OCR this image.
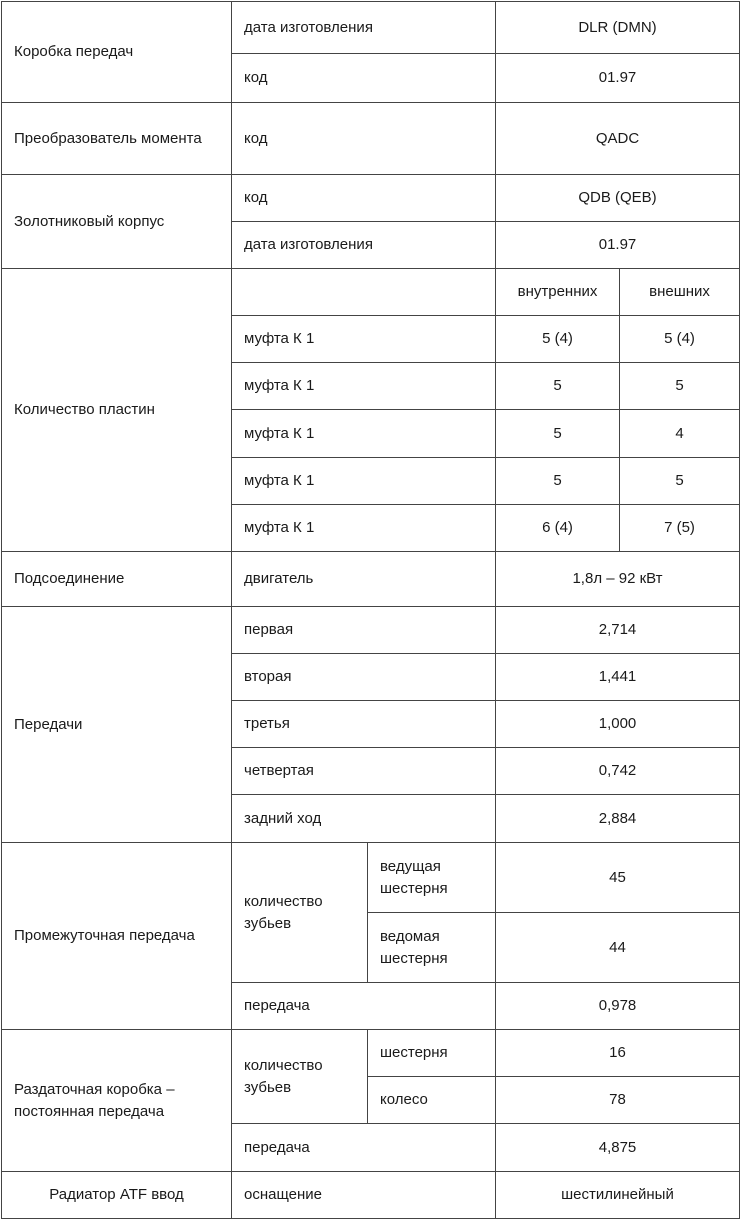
Коробка передач	дата изготовления		DLR (DMN)	
	код		01.97	
Преобразователь момента	код		QADC	
Золотниковый корпус	код		QDB (QEB)	
	дата изготовления		01.97	
Количество пластин			внутренних	внешних
	муфта К 1		5 (4)	5 (4)
	муфта К 1		5	5
	муфта К 1		5	4
	муфта К 1		5	5
	муфта К 1		6 (4)	7 (5)
Подсоединение	двигатель		1,8л – 92 кВт	
Передачи	первая		2,714	
	вторая		1,441	
	третья		1,000	
	четвертая		0,742	
	задний ход		2,884	
Промежуточная передача	количество зубьев	ведущая шестерня	45	
		ведомая шестерня	44	
	передача		0,978	
Раздаточная коробка – постоянная передача	количество зубьев	шестерня	16	
		колесо	78	
	передача		4,875	
Радиатор ATF ввод	оснащение		шестилинейный	
